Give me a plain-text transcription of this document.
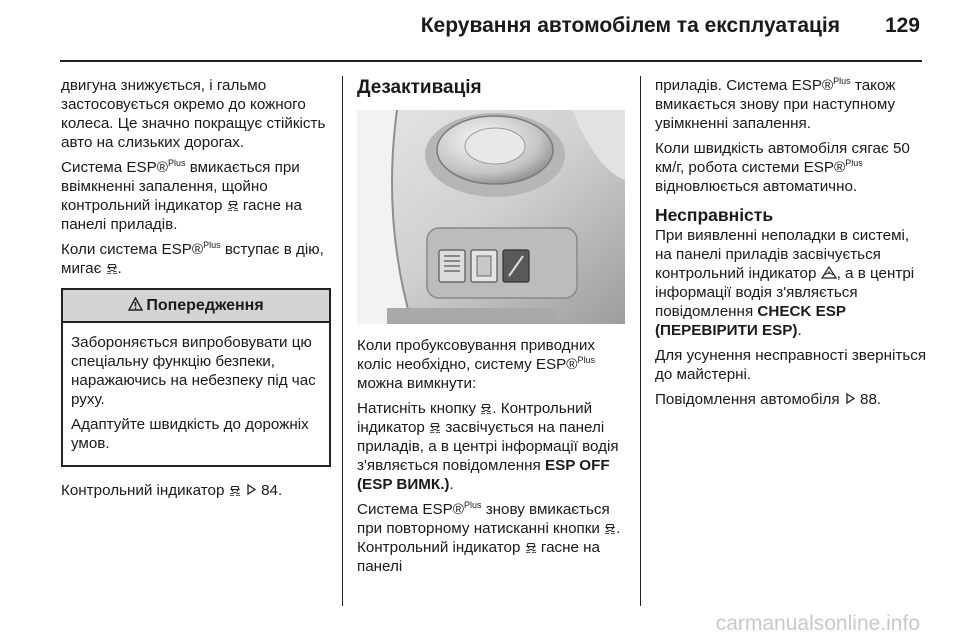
Керування автомобілем та експлуатація 129

двигуна знижується, і гальмо застосовується окремо до кожного колеса. Це значно покращує стійкість авто на слизьких дорогах.

Система ESP®$^{Plus}$ вмикається при ввімкненні запалення, щойно контрольний індикатор  гасне на панелі приладів.

Коли система ESP®$^{Plus}$ вступає в дію, мигає .

Попередження

Забороняється випробовувати цю спеціальну функцію безпеки, наражаючись на небезпеку під час руху.

Адаптуйте швидкість до дорожніх умов.

Контрольний індикатор   84.

Дезактивація

Коли пробуксовування приводних коліс необхідно, систему ESP®$^{Plus}$ можна вимкнути:

Натисніть кнопку . Контрольний індикатор  засвічується на панелі приладів, а в центрі інформації водія з'являється повідомлення ESP OFF (ESP ВИМК.).

Система ESP®$^{Plus}$ знову вмикається при повторному натисканні кнопки . Контрольний індикатор  гасне на панелі

приладів. Система ESP®$^{Plus}$ також вмикається знову при наступному увімкненні запалення.

Коли швидкість автомобіля сягає 50 км/г, робота системи ESP®$^{Plus}$ відновлюється автоматично.

Несправність

При виявленні неполадки в системі, на панелі приладів засвічується контрольний індикатор , а в центрі інформації водія з'являється повідомлення CHECK ESP (ПЕРЕВІРИТИ ESP).

Для усунення несправності зверніться до майстерні.

Повідомлення автомобіля  88.

carmanualsonline.info
